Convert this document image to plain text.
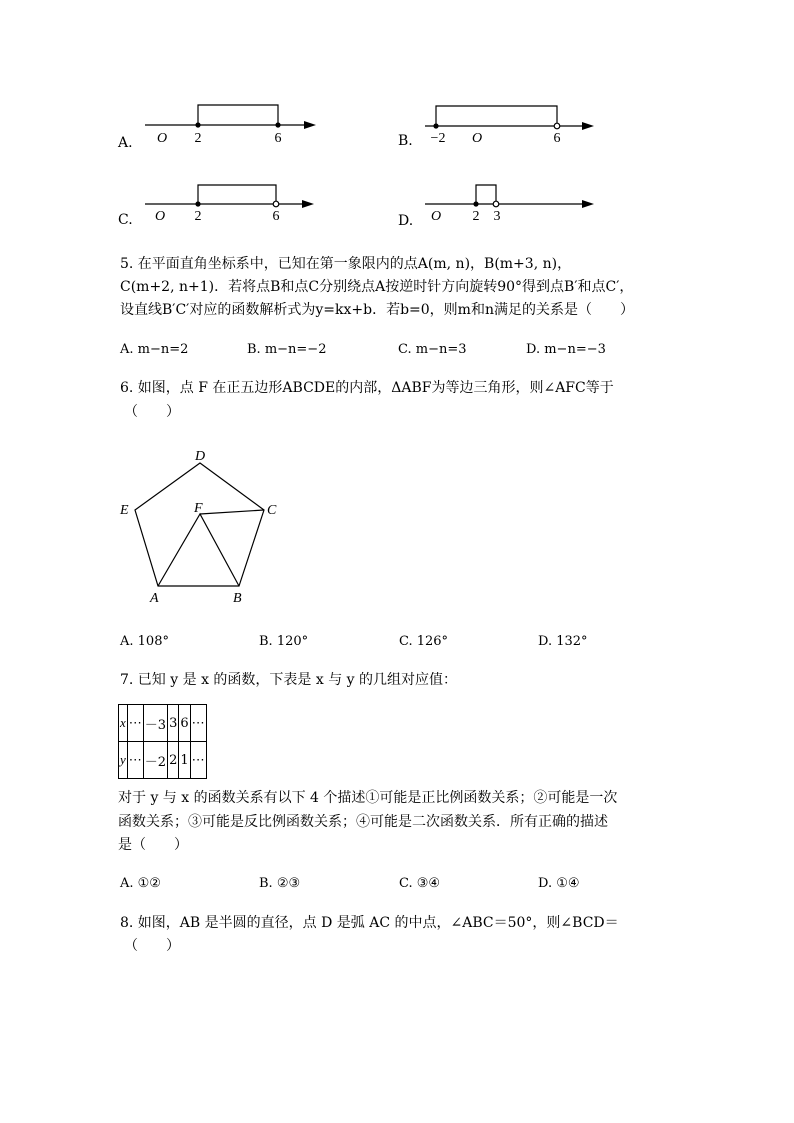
A. O 2	6	B. −2 O	6
C. O 2	6	D. O 2 3
5. 在平面直角坐标系中，已知在第一象限内的点A(m, n)，B(m+3, n)，
C(m+2, n+1)．若将点B和点C分别绕点A按逆时针方向旋转90°得到点B′和点C′，
设直线B′C′对应的函数解析式为y=kx+b．若b=0，则m和n满足的关系是（　　）
A. m−n=2	B. m−n=−2	C. m−n=3	D. m−n=−3
6. 如图，点 F 在正五边形ABCDE的内部，ΔABF为等边三角形，则∠AFC等于
（　　）
D
E	F	C
A	B
A. 108°	B. 120°	C. 126°	D. 132°
7. 已知 y 是 x 的函数，下表是 x 与 y 的几组对应值：
x	⋯	－3	3	6	⋯
y	⋯	－2	2	1	⋯
对于 y 与 x 的函数关系有以下 4 个描述①可能是正比例函数关系；②可能是一次
函数关系；③可能是反比例函数关系；④可能是二次函数关系．所有正确的描述
是（　　）
A. ①②	B. ②③	C. ③④	D. ①④
8. 如图，AB 是半圆的直径，点 D 是弧 AC 的中点，∠ABC＝50°，则∠BCD＝
（　　）
